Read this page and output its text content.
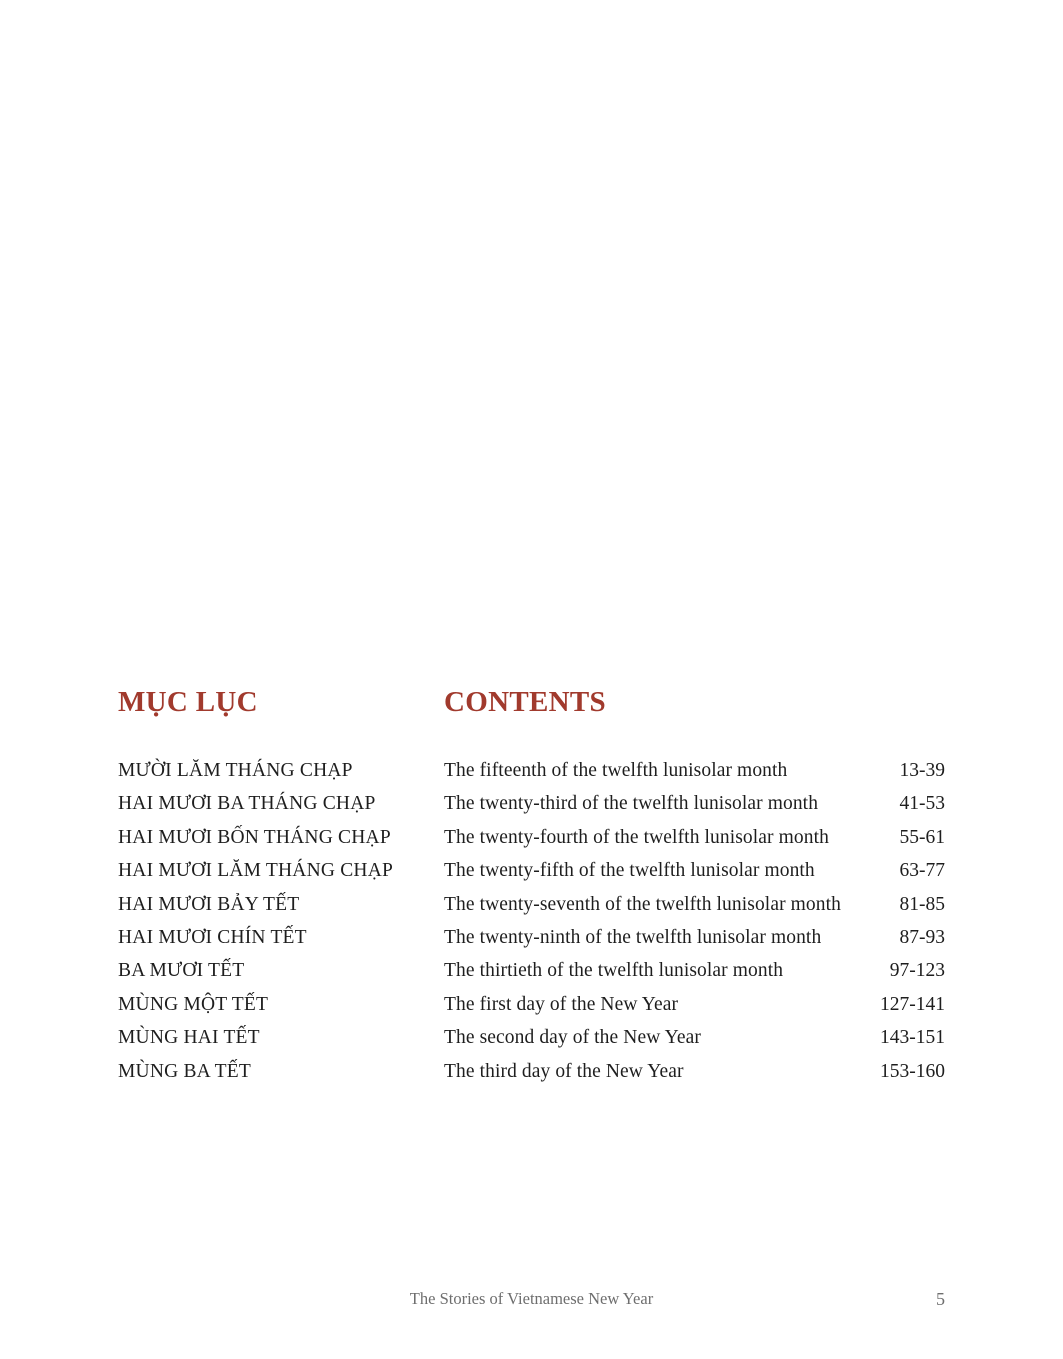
MỤC LỤC	CONTENTS
MƯỜI LĂM THÁNG CHẠP	The fifteenth of the twelfth lunisolar month	13-39
HAI MƯƠI BA THÁNG CHẠP	The twenty-third of the twelfth lunisolar month	41-53
HAI MƯƠI BỐN THÁNG CHẠP	The twenty-fourth of the twelfth lunisolar month	55-61
HAI MƯƠI LĂM THÁNG CHẠP	The twenty-fifth of the twelfth lunisolar month	63-77
HAI MƯƠI BẢY TẾT	The twenty-seventh of the twelfth lunisolar month	81-85
HAI MƯƠI CHÍN TẾT	The twenty-ninth of the twelfth lunisolar month	87-93
BA MƯƠI TẾT	The thirtieth of the twelfth lunisolar month	97-123
MÙNG MỘT TẾT	The first day of the New Year	127-141
MÙNG HAI TẾT	The second day of the New Year	143-151
MÙNG BA TẾT	The third day of the New Year	153-160
The Stories of Vietnamese New Year	5
